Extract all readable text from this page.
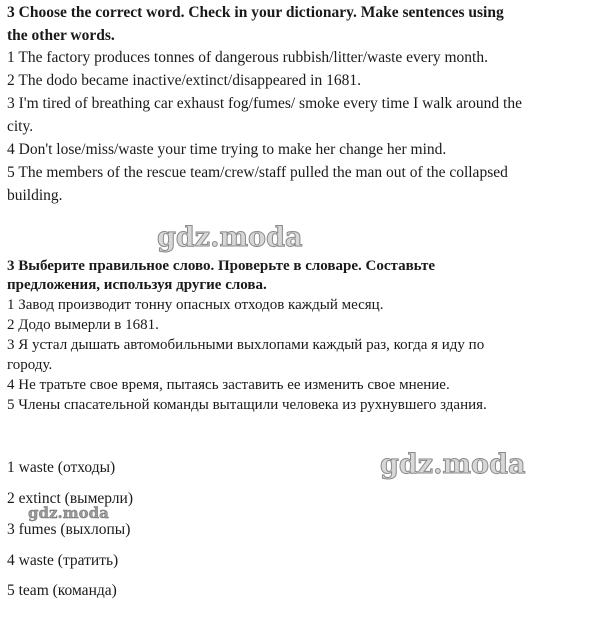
3 Choose the correct word. Check in your dictionary. Make sentences using
the other words.
1 The factory produces tonnes of dangerous rubbish/litter/waste every month.
2 The dodo became inactive/extinct/disappeared in 1681.
3 I'm tired of breathing car exhaust fog/fumes/ smoke every time I walk around the
city.
4 Don't lose/miss/waste your time trying to make her change her mind.
5 The members of the rescue team/crew/staff pulled the man out of the collapsed
building.
gdz.moda
3 Выберите правильное слово. Проверьте в словаре. Составьте
предложения, используя другие слова.
1 Завод производит тонну опасных отходов каждый месяц.
2 Додо вымерли в 1681.
3 Я устал дышать автомобильными выхлопами каждый раз, когда я иду по
городу.
4 Не тратьте свое время, пытаясь заставить ее изменить свое мнение.
5 Члены спасательной команды вытащили человека из рухнувшего здания.
gdz.moda
1 waste (отходы)
2 extinct (вымерли)
gdz.moda
3 fumes (выхлопы)
4 waste (тратить)
5 team (команда)
